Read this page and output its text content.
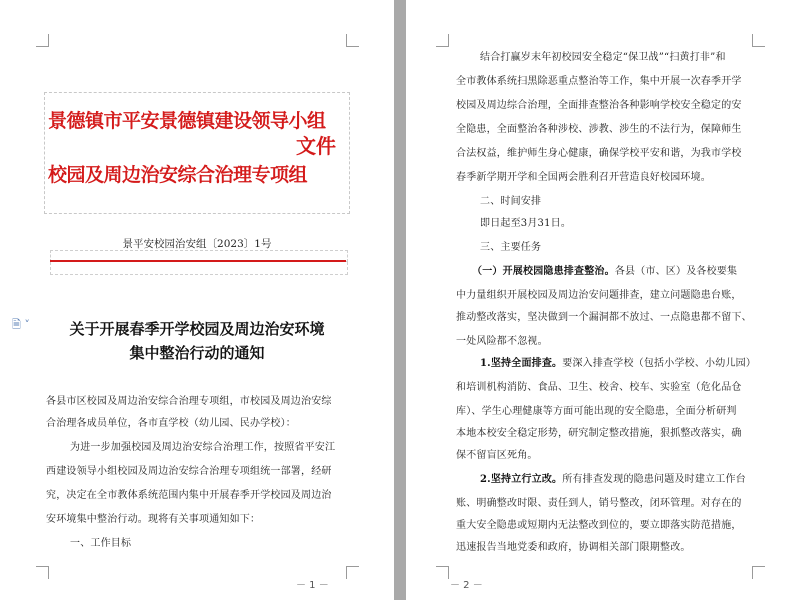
景德镇市平安景德镇建设领导小组
校园及周边治安综合治理专项组
文件
景平安校园治安组〔2023〕1号
🗎 ˅	关于开展春季开学校园及周边治安环境
集中整治行动的通知
各县市区校园及周边治安综合治理专项组，市校园及周边治安综
合治理各成员单位，各市直学校（幼儿园、民办学校）：
为进一步加强校园及周边治安综合治理工作，按照省平安江
西建设领导小组校园及周边治安综合治理专项组统一部署，经研
究，决定在全市教体系统范围内集中开展春季开学校园及周边治
安环境集中整治行动。现将有关事项通知如下：
一、工作目标
－ 1 －
结合打赢岁末年初校园安全稳定“保卫战”“扫黄打非”和
全市教体系统扫黑除恶重点整治等工作，集中开展一次春季开学
校园及周边综合治理，全面排查整治各种影响学校安全稳定的安
全隐患，全面整治各种涉校、涉教、涉生的不法行为，保障师生
合法权益，维护师生身心健康，确保学校平安和谐，为我市学校
春季新学期开学和全国两会胜利召开营造良好校园环境。
二、时间安排
即日起至3月31日。
三、主要任务
（一）开展校园隐患排查整治。各县（市、区）及各校要集
中力量组织开展校园及周边治安问题排查，建立问题隐患台账，
推动整改落实，坚决做到一个漏洞都不放过、一点隐患都不留下、
一处风险都不忽视。
1.坚持全面排查。要深入排查学校（包括小学校、小幼儿园）
和培训机构消防、食品、卫生、校舍、校车、实验室（危化品仓
库）、学生心理健康等方面可能出现的安全隐患，全面分析研判
本地本校安全稳定形势，研究制定整改措施，狠抓整改落实，确
保不留盲区死角。
2.坚持立行立改。所有排查发现的隐患问题及时建立工作台
账、明确整改时限、责任到人，销号整改，闭环管理。对存在的
重大安全隐患或短期内无法整改到位的，要立即落实防范措施，
迅速报告当地党委和政府，协调相关部门限期整改。
－ 2 －
